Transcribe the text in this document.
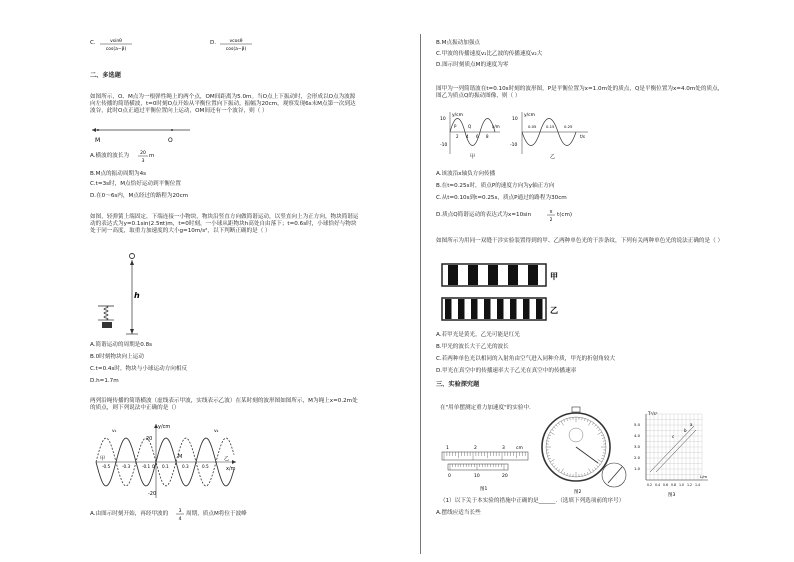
C.	vsinθ
cos(a−β)
D.	vcosθ
cos(a−β)
二、多选题
如图所示，O、M点为一根弹性绳上的两个点，OM间距离为5.0m。当O点上下振动时，会形成以O点为波源向左传播的简谐横波，t=0时刻O点开始从平衡位置向下振动，振幅为20cm，观察发现6s末M点第一次到达波谷，此时O点正通过平衡位置向上运动，OM间还有一个波谷，则（ ）
M	O
A.横波的波长为 20
3
m
B.M点的振动周期为4s
C.t=3s时，M点恰好运动到平衡位置
D.在0～6s内，M点经过的路程为20cm
如图，轻弹簧上端固定，下端连接一小物块，物块沿竖直方向做简谐运动，以竖直向上为正方向，物块简谐运动的表达式为y=0.1sin(2.5πt)m，t=0时刻，一小球从距物块h高处自由落下；t=0.6s时，小球恰好与物块处于同一高度，取重力加速度的大小g=10m/s²，以下判断正确的是（ ）
h
A.简谐运动的周期是0.8s
B.0时刻物块向上运动
C.t=0.4s时，物块与小球运动方向相反
D.h=1.7m
两列沿绳传播的简谐横波（虚线表示甲波，实线表示乙波）在某时刻的波形图如图所示，M为绳上x=0.2m处的质点，则下列说法中正确的是（）
y/cm
x/m
20
-20
-0.5	-0.3	-0.1 0 0.1	0.3	0.5
甲	乙
v₁	v₂
M
A.由图示时刻开始，再经甲波的 3
4
周期，质点M将位于波峰
B.M点振动加强点
C.甲波的传播速度v₁比乙波的传播速度v₂大
D.图示时刻质点M的速度为零
图甲为一列简谐波在t=0.10s时刻的波形图，P是平衡位置为x=1.0m处的质点，Q是平衡位置为x=4.0m处的质点，图乙为质点Q的振动图像，则（ ）
y/cm
10
-10
2 4 6 8
x/m
P	Q
甲
y/cm
10
-10
0.05	0.15	0.25
t/s
乙
A.该波沿x轴负方向传播
B.在t=0.25s时，质点P的速度方向为y轴正方向
C.从t=0.10s到t=0.25s，质点P通过的路程为30cm
D.质点Q简谐运动的表达式为x=10sin	π
2
t(cm)
如图所示为用同一双缝干涉实验装置得到的甲、乙两种单色光的干涉条纹，下列有关两种单色光的说法正确的是（ ）
甲
乙
A.若甲光是黄光，乙光可能是红光
B.甲光的波长大于乙光的波长
C.若两种单色光以相同的入射角由空气进入同种介质，甲光的折射角较大
D.甲光在真空中的传播速率大于乙光在真空中的传播速率
三、实验探究题
在"用单摆测定重力加速度"的实验中.
1	2	3 cm
0	10	20
图1
图2
T²/s²
5.0
4.0
3.0
2.0
1.0
0.2 0.4 0.6 0.8 1.0 1.2 1.4
L/m
a
b
c
图3
（1）以下关于本实验的措施中正确的是______.（选填下列选项前的序号）
A.摆线应适当长些
